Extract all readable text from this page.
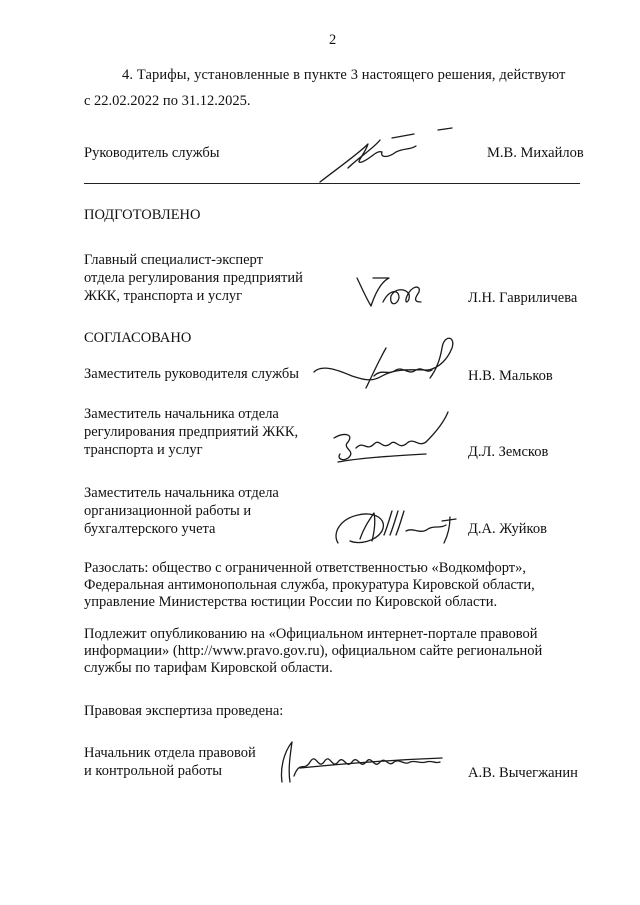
2
4. Тарифы, установленные в пункте 3 настоящего решения, действуют
с 22.02.2022 по 31.12.2025.
Руководитель службы	М.В. Михайлов
ПОДГОТОВЛЕНО
Главный специалист-эксперт
отдела регулирования предприятий
ЖКК, транспорта и услуг	Л.Н. Гавриличева
СОГЛАСОВАНО
Заместитель руководителя службы	Н.В. Мальков
Заместитель начальника отдела
регулирования предприятий ЖКК,
транспорта и услуг	Д.Л. Земсков
Заместитель начальника отдела
организационной работы и
бухгалтерского учета	Д.А. Жуйков
Разослать: общество с ограниченной ответственностью «Водкомфорт»,
Федеральная антимонопольная служба, прокуратура Кировской области,
управление Министерства юстиции России по Кировской области.
Подлежит опубликованию на «Официальном интернет-портале правовой
информации» (http://www.pravo.gov.ru), официальном сайте региональной
службы по тарифам Кировской области.
Правовая экспертиза проведена:
Начальник отдела правовой
и контрольной работы	А.В. Вычегжанин
